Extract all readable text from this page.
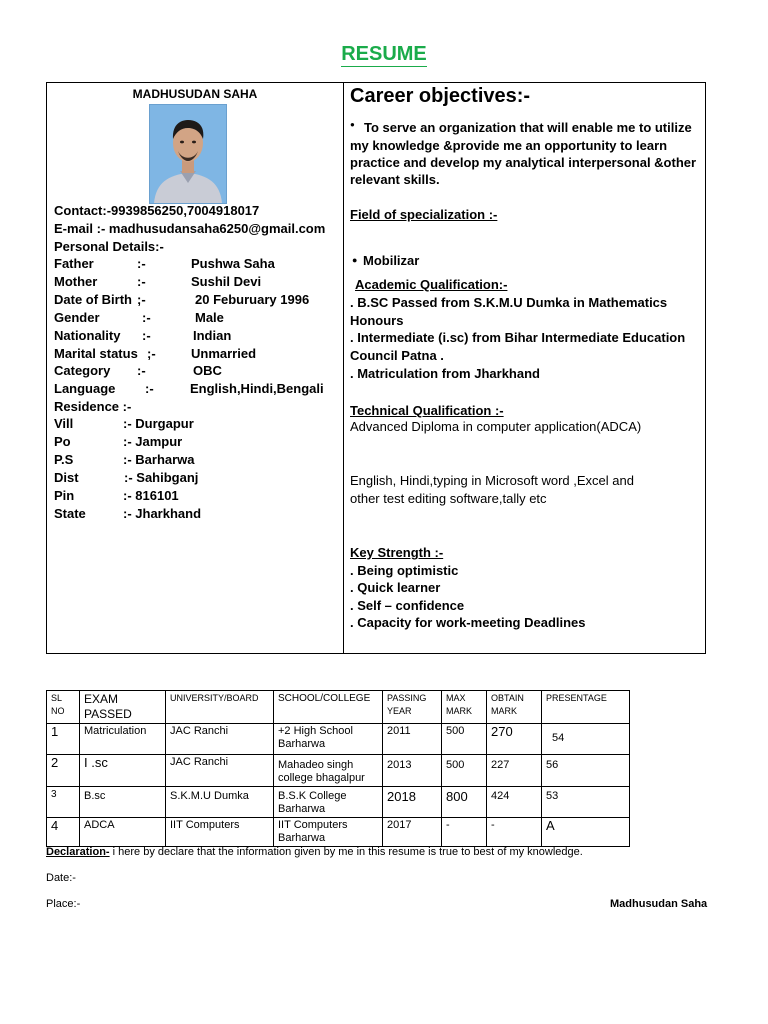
RESUME
MADHUSUDAN SAHA
Contact:-9939856250,7004918017
E-mail :- madhusudansaha6250@gmail.com
Personal Details:-
Father	:-	Pushwa Saha
Mother	:-	Sushil Devi
Date of Birth ;-	20 Feburuary 1996
Gender	:-	Male
Nationality :-	Indian
Marital status ;-	Unmarried
Category :-	OBC
Language :-	English,Hindi,Bengali
Residence :-
Vill	:- Durgapur
Po	:- Jampur
P.S	:- Barharwa
Dist	:- Sahibganj
Pin	:- 816101
State	:- Jharkhand
Career objectives:-
● To serve an organization that will enable me to utilize
my knowledge &provide me an opportunity to learn
practice and develop my analytical interpersonal &other
relevant skills.
Field of specialization :-
● Mobilizar
Academic Qualification:-
. B.SC Passed from S.K.M.U Dumka in Mathematics
Honours
. Intermediate (i.sc) from Bihar Intermediate Education
Council Patna .
. Matriculation from Jharkhand
Technical Qualification :-
Advanced Diploma in computer application(ADCA)
English, Hindi,typing in Microsoft word ,Excel and
other test editing software,tally etc
Key Strength :-
. Being optimistic
. Quick learner
. Self – confidence
. Capacity for work-meeting Deadlines
SL NO	EXAM PASSED	UNIVERSITY/BOARD	SCHOOL/COLLEGE	PASSING YEAR	MAX MARK	OBTAIN MARK	PRESENTAGE
1	Matriculation	JAC Ranchi	+2 High School Barharwa	2011	500	270	54
2	I .sc	JAC Ranchi	Mahadeo singh college bhagalpur	2013	500	227	56
3	B.sc	S.K.M.U Dumka	B.S.K College Barharwa	2018	800	424	53
4	ADCA	IIT Computers	IIT Computers Barharwa	2017	-	-	A
Declaration- i here by declare that the information given by me in this resume is true to best of my knowledge.
Date:-
Place:-	Madhusudan Saha
